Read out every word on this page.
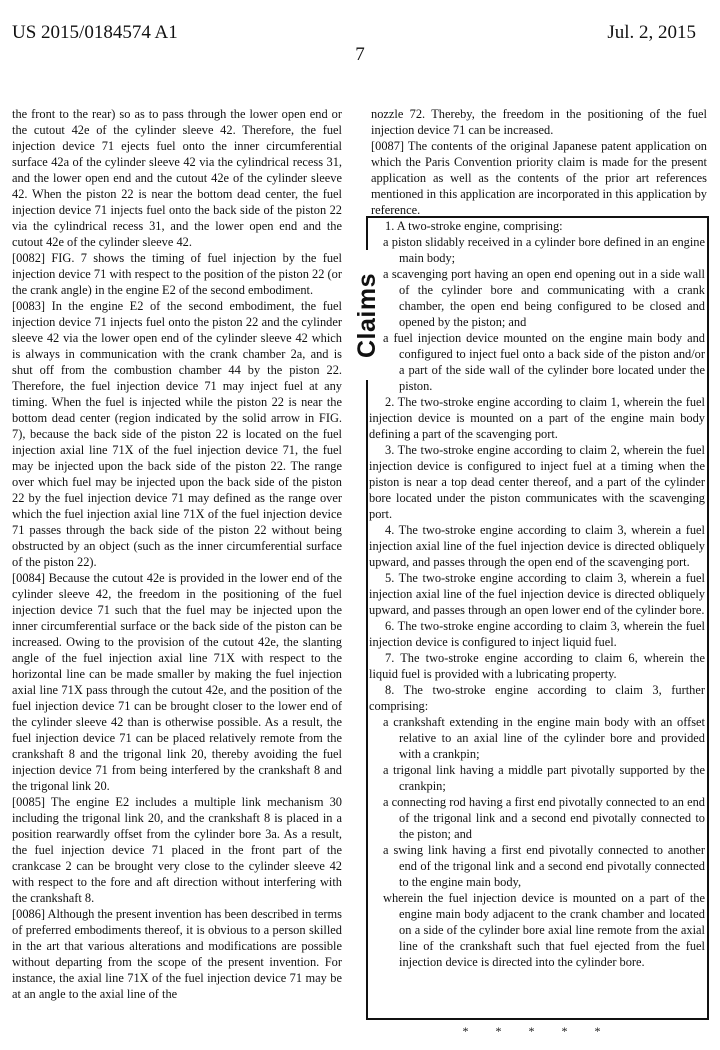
US 2015/0184574 A1	Jul. 2, 2015
7

the front to the rear) so as to pass through the lower open end or the cutout 42e of the cylinder sleeve 42. Therefore, the fuel injection device 71 ejects fuel onto the inner circumferential surface 42a of the cylinder sleeve 42 via the cylindrical recess 31, and the lower open end and the cutout 42e of the cylinder sleeve 42. When the piston 22 is near the bottom dead center, the fuel injection device 71 injects fuel onto the back side of the piston 22 via the cylindrical recess 31, and the lower open end and the cutout 42e of the cylinder sleeve 42.

[0082] FIG. 7 shows the timing of fuel injection by the fuel injection device 71 with respect to the position of the piston 22 (or the crank angle) in the engine E2 of the second embodiment.

[0083] In the engine E2 of the second embodiment, the fuel injection device 71 injects fuel onto the piston 22 and the cylinder sleeve 42 via the lower open end of the cylinder sleeve 42 which is always in communication with the crank chamber 2a, and is shut off from the combustion chamber 44 by the piston 22. Therefore, the fuel injection device 71 may inject fuel at any timing. When the fuel is injected while the piston 22 is near the bottom dead center (region indicated by the solid arrow in FIG. 7), because the back side of the piston 22 is located on the fuel injection axial line 71X of the fuel injection device 71, the fuel may be injected upon the back side of the piston 22. The range over which fuel may be injected upon the back side of the piston 22 by the fuel injection device 71 may defined as the range over which the fuel injection axial line 71X of the fuel injection device 71 passes through the back side of the piston 22 without being obstructed by an object (such as the inner circumferential surface of the piston 22).

[0084] Because the cutout 42e is provided in the lower end of the cylinder sleeve 42, the freedom in the positioning of the fuel injection device 71 such that the fuel may be injected upon the inner circumferential surface or the back side of the piston can be increased. Owing to the provision of the cutout 42e, the slanting angle of the fuel injection axial line 71X with respect to the horizontal line can be made smaller by making the fuel injection axial line 71X pass through the cutout 42e, and the position of the fuel injection device 71 can be brought closer to the lower end of the cylinder sleeve 42 than is otherwise possible. As a result, the fuel injection device 71 can be placed relatively remote from the crankshaft 8 and the trigonal link 20, thereby avoiding the fuel injection device 71 from being interfered by the crankshaft 8 and the trigonal link 20.

[0085] The engine E2 includes a multiple link mechanism 30 including the trigonal link 20, and the crankshaft 8 is placed in a position rearwardly offset from the cylinder bore 3a. As a result, the fuel injection device 71 placed in the front part of the crankcase 2 can be brought very close to the cylinder sleeve 42 with respect to the fore and aft direction without interfering with the crankshaft 8.

[0086] Although the present invention has been described in terms of preferred embodiments thereof, it is obvious to a person skilled in the art that various alterations and modifications are possible without departing from the scope of the present invention. For instance, the axial line 71X of the fuel injection device 71 may be at an angle to the axial line of the

nozzle 72. Thereby, the freedom in the positioning of the fuel injection device 71 can be increased.

[0087] The contents of the original Japanese patent application on which the Paris Convention priority claim is made for the present application as well as the contents of the prior art references mentioned in this application are incorporated in this application by reference.

1. A two-stroke engine, comprising:

a piston slidably received in a cylinder bore defined in an engine main body;

a scavenging port having an open end opening out in a side wall of the cylinder bore and communicating with a crank chamber, the open end being configured to be closed and opened by the piston; and

a fuel injection device mounted on the engine main body and configured to inject fuel onto a back side of the piston and/or a part of the side wall of the cylinder bore located under the piston.

2. The two-stroke engine according to claim 1, wherein the fuel injection device is mounted on a part of the engine main body defining a part of the scavenging port.

3. The two-stroke engine according to claim 2, wherein the fuel injection device is configured to inject fuel at a timing when the piston is near a top dead center thereof, and a part of the cylinder bore located under the piston communicates with the scavenging port.

4. The two-stroke engine according to claim 3, wherein a fuel injection axial line of the fuel injection device is directed obliquely upward, and passes through the open end of the scavenging port.

5. The two-stroke engine according to claim 3, wherein a fuel injection axial line of the fuel injection device is directed obliquely upward, and passes through an open lower end of the cylinder bore.

6. The two-stroke engine according to claim 3, wherein the fuel injection device is configured to inject liquid fuel.

7. The two-stroke engine according to claim 6, wherein the liquid fuel is provided with a lubricating property.

8. The two-stroke engine according to claim 3, further comprising:

a crankshaft extending in the engine main body with an offset relative to an axial line of the cylinder bore and provided with a crankpin;

a trigonal link having a middle part pivotally supported by the crankpin;

a connecting rod having a first end pivotally connected to an end of the trigonal link and a second end pivotally connected to the piston; and

a swing link having a first end pivotally connected to another end of the trigonal link and a second end pivotally connected to the engine main body,

wherein the fuel injection device is mounted on a part of the engine main body adjacent to the crank chamber and located on a side of the cylinder bore axial line remote from the axial line of the crankshaft such that fuel ejected from the fuel injection device is directed into the cylinder bore.

Claims
* * * * *
